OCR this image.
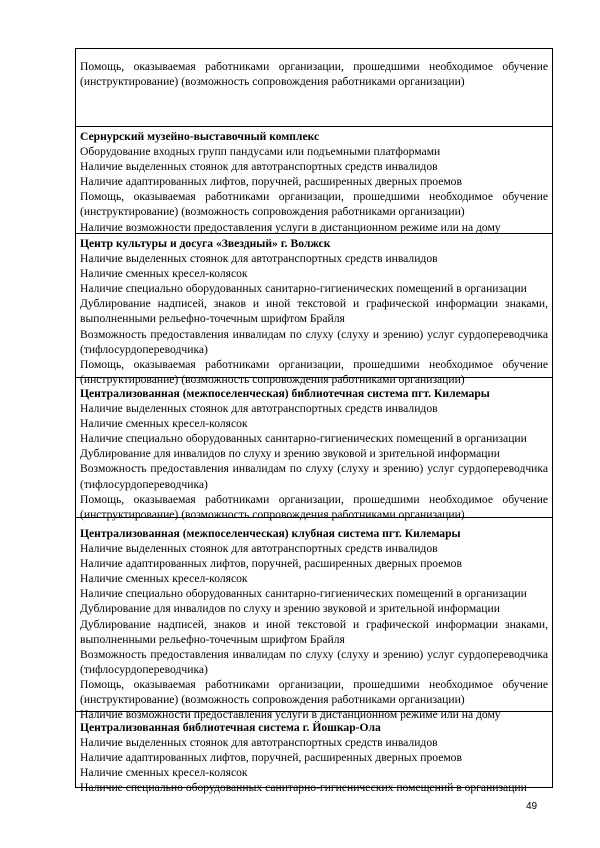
Помощь, оказываемая работниками организации, прошедшими необходимое обучение (инструктирование) (возможность сопровождения работниками организации)

Сернурский музейно-выставочный комплекс

Оборудование входных групп пандусами или подъемными платформами

Наличие выделенных стоянок для автотранспортных средств инвалидов

Наличие адаптированных лифтов, поручней, расширенных дверных проемов

Помощь, оказываемая работниками организации, прошедшими необходимое обучение (инструктирование) (возможность сопровождения работниками организации)

Наличие возможности предоставления услуги в дистанционном режиме или на дому

Центр культуры и досуга «Звездный» г. Волжск

Наличие выделенных стоянок для автотранспортных средств инвалидов

Наличие сменных кресел-колясок

Наличие специально оборудованных санитарно-гигиенических помещений в организации

Дублирование надписей, знаков и иной текстовой и графической информации знаками, выполненными рельефно-точечным шрифтом Брайля

Возможность предоставления инвалидам по слуху (слуху и зрению) услуг сурдопереводчика (тифлосурдопереводчика)

Помощь, оказываемая работниками организации, прошедшими необходимое обучение (инструктирование) (возможность сопровождения работниками организации)

Централизованная (межпоселенческая) библиотечная система пгт. Килемары

Наличие выделенных стоянок для автотранспортных средств инвалидов

Наличие сменных кресел-колясок

Наличие специально оборудованных санитарно-гигиенических помещений в организации

Дублирование для инвалидов по слуху и зрению звуковой и зрительной информации

Возможность предоставления инвалидам по слуху (слуху и зрению) услуг сурдопереводчика (тифлосурдопереводчика)

Помощь, оказываемая работниками организации, прошедшими необходимое обучение (инструктирование) (возможность сопровождения работниками организации)

Централизованная (межпоселенческая) клубная система пгт. Килемары

Наличие выделенных стоянок для автотранспортных средств инвалидов

Наличие адаптированных лифтов, поручней, расширенных дверных проемов

Наличие сменных кресел-колясок

Наличие специально оборудованных санитарно-гигиенических помещений в организации

Дублирование для инвалидов по слуху и зрению звуковой и зрительной информации

Дублирование надписей, знаков и иной текстовой и графической информации знаками, выполненными рельефно-точечным шрифтом Брайля

Возможность предоставления инвалидам по слуху (слуху и зрению) услуг сурдопереводчика (тифлосурдопереводчика)

Помощь, оказываемая работниками организации, прошедшими необходимое обучение (инструктирование) (возможность сопровождения работниками организации)

Наличие возможности предоставления услуги в дистанционном режиме или на дому

Централизованная библиотечная система г. Йошкар-Ола

Наличие выделенных стоянок для автотранспортных средств инвалидов

Наличие адаптированных лифтов, поручней, расширенных дверных проемов

Наличие сменных кресел-колясок

Наличие специально оборудованных санитарно-гигиенических помещений в организации

49
